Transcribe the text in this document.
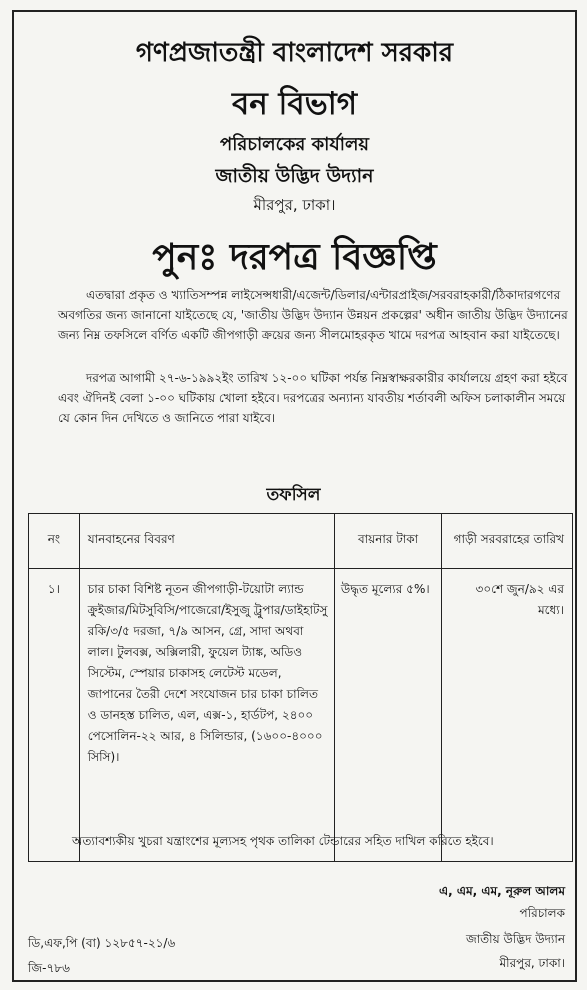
গণপ্রজাতন্ত্রী বাংলাদেশ সরকার
বন বিভাগ
পরিচালকের কার্যালয়
জাতীয় উদ্ভিদ উদ্যান
মীরপুর, ঢাকা।
পুনঃ দরপত্র বিজ্ঞপ্তি

এতদ্বারা প্রকৃত ও খ্যাতিসম্পন্ন লাইসেন্সধারী/এজেন্ট/ডিলার/এন্টারপ্রাইজ/সরবরাহকারী/ঠিকাদারগণের অবগতির জন্য জানানো যাইতেছে যে, 'জাতীয় উদ্ভিদ উদ্যান উন্নয়ন প্রকল্পের' অধীন জাতীয় উদ্ভিদ উদ্যানের জন্য নিম্ন তফসিলে বর্ণিত একটি জীপগাড়ী ক্রয়ের জন্য সীলমোহরকৃত খামে দরপত্র আহবান করা যাইতেছে।

দরপত্র আগামী ২৭-৬-১৯৯২ইং তারিখ ১২-০০ ঘটিকা পর্যন্ত নিম্নস্বাক্ষরকারীর কার্যালয়ে গ্রহণ করা হইবে এবং ঐদিনই বেলা ১-০০ ঘটিকায় খোলা হইবে। দরপত্রের অন্যান্য যাবতীয় শর্তাবলী অফিস চলাকালীন সময়ে যে কোন দিন দেখিতে ও জানিতে পারা যাইবে।

তফসিল
নং	যানবাহনের বিবরণ	বায়নার টাকা	গাড়ী সরবরাহের তারিখ
১।	চার চাকা বিশিষ্ট নূতন জীপগাড়ী-টয়োটা ল্যান্ড ক্রুইজার/মিটসুবিসি/পাজেরো/ইসুজু ট্রুপার/ডাইহাটসু রকি/৩/৫ দরজা, ৭/৯ আসন, গ্রে, সাদা অথবা লাল। টুলবক্স, অক্সিলারী, ফুয়েল ট্যাঙ্ক, অডিও সিস্টেম, স্পেয়ার চাকাসহ লেটেস্ট মডেল, জাপানের তৈরী দেশে সংযোজন চার চাকা চালিত ও ডানহস্ত চালিত, এল, এক্স-১, হার্ডটপ, ২৪০০ পেসোলিন-২২ আর, ৪ সিলিন্ডার, (১৬০০-৪০০০ সিসি)।	উদ্ধৃত মূল্যের ৫%।	৩০শে জুন/৯২ এর মধ্যে।

অত্যাবশ্যকীয় খুচরা যন্ত্রাংশের মূল্যসহ পৃথক তালিকা টেন্ডারের সহিত দাখিল করিতে হইবে।

এ, এম, এম, নূরুল আলম
পরিচালক
জাতীয় উদ্ভিদ উদ্যান
মীরপুর, ঢাকা।
ডি,এফ,পি (বা) ১২৮৫৭-২১/৬
জি-৭৮৬
